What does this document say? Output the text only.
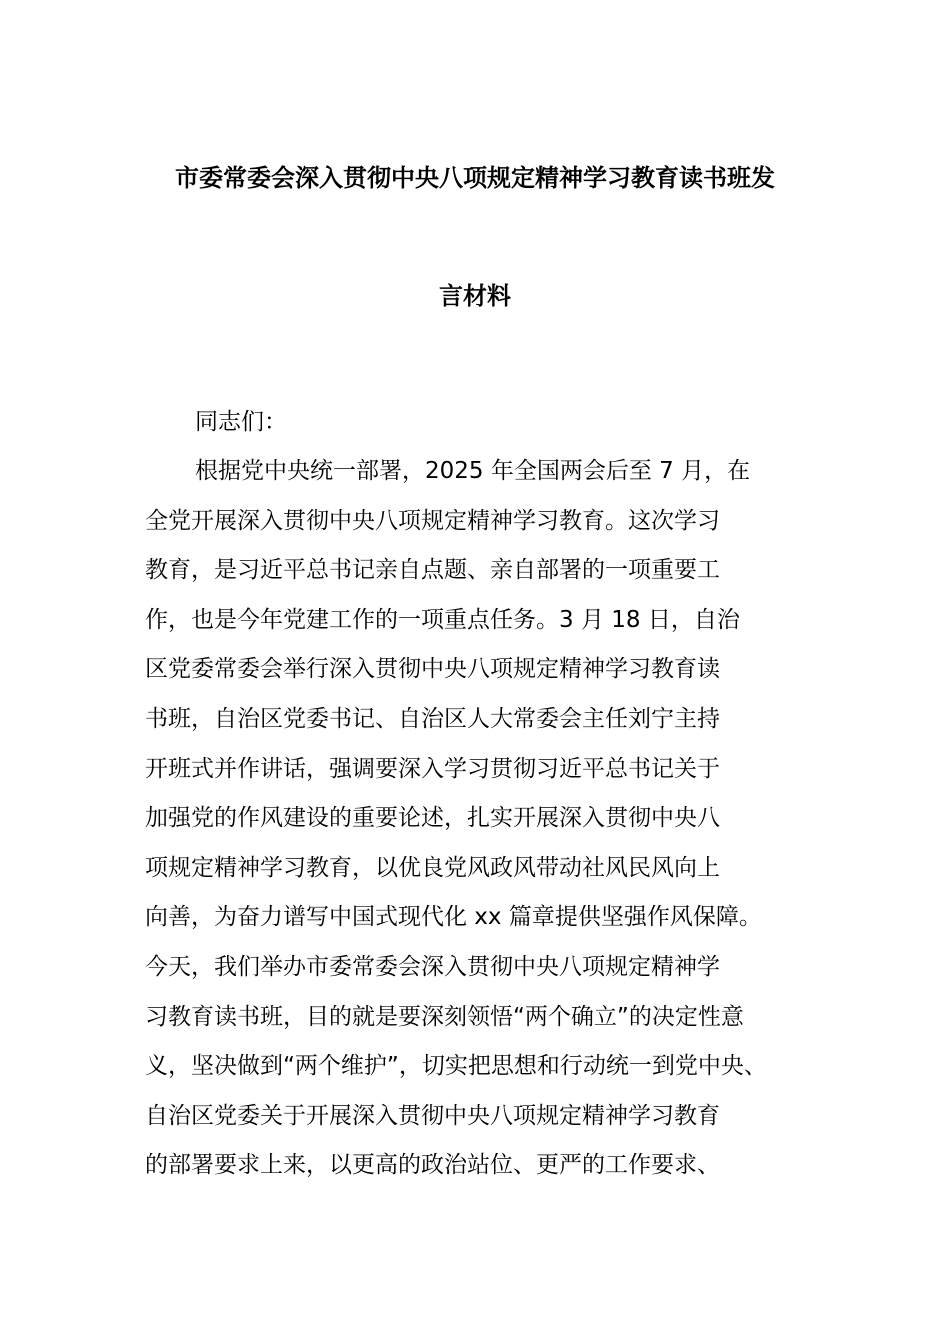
市委常委会深入贯彻中央八项规定精神学习教育读书班发
言材料
同志们：
根据党中央统一部署，2025 年全国两会后至 7 月，在
全党开展深入贯彻中央八项规定精神学习教育。这次学习
教育，是习近平总书记亲自点题、亲自部署的一项重要工
作，也是今年党建工作的一项重点任务。3 月 18 日，自治
区党委常委会举行深入贯彻中央八项规定精神学习教育读
书班，自治区党委书记、自治区人大常委会主任刘宁主持
开班式并作讲话，强调要深入学习贯彻习近平总书记关于
加强党的作风建设的重要论述，扎实开展深入贯彻中央八
项规定精神学习教育，以优良党风政风带动社风民风向上
向善，为奋力谱写中国式现代化 xx 篇章提供坚强作风保障。
今天，我们举办市委常委会深入贯彻中央八项规定精神学
习教育读书班，目的就是要深刻领悟“两个确立”的决定性意
义，坚决做到“两个维护”，切实把思想和行动统一到党中央、
自治区党委关于开展深入贯彻中央八项规定精神学习教育
的部署要求上来，以更高的政治站位、更严的工作要求、
